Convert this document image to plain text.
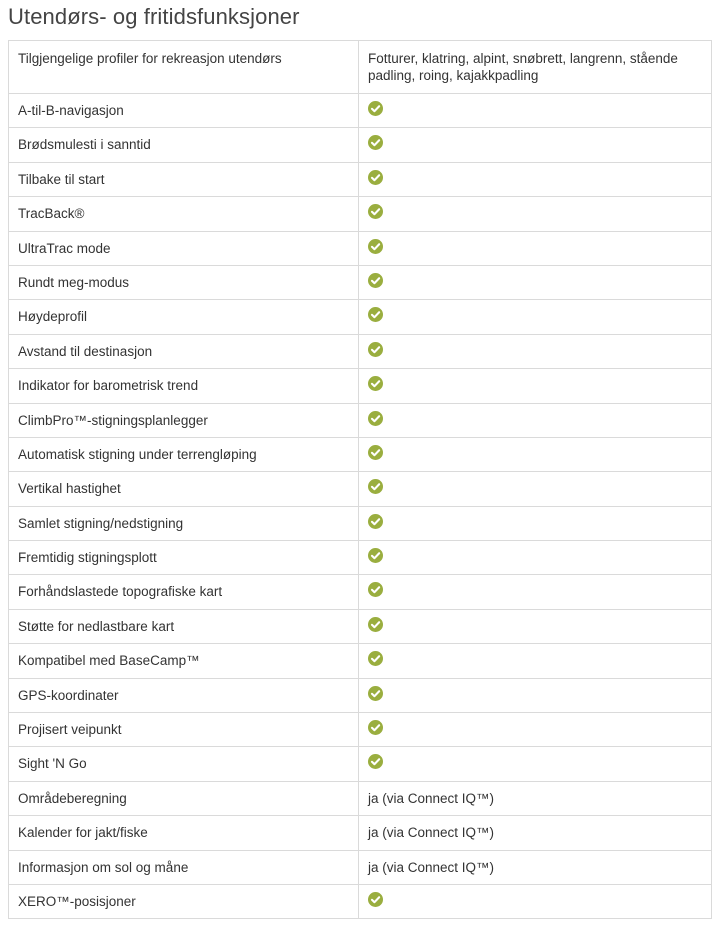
Utendørs- og fritidsfunksjoner
Tilgjengelige profiler for rekreasjon utendørs	Fotturer, klatring, alpint, snøbrett, langrenn, stående padling, roing, kajakkpadling
A-til-B-navigasjon	

Brødsmulesti i sanntid	

Tilbake til start	

TracBack®	

UltraTrac mode	

Rundt meg-modus	

Høydeprofil	

Avstand til destinasjon	

Indikator for barometrisk trend	

ClimbPro™-stigningsplanlegger	

Automatisk stigning under terrengløping	

Vertikal hastighet	

Samlet stigning/nedstigning	

Fremtidig stigningsplott	

Forhåndslastede topografiske kart	

Støtte for nedlastbare kart	

Kompatibel med BaseCamp™	

GPS-koordinater	

Projisert veipunkt	

Sight 'N Go	

Områdeberegning	ja (via Connect IQ™)
Kalender for jakt/fiske	ja (via Connect IQ™)
Informasjon om sol og måne	ja (via Connect IQ™)
XERO™-posisjoner	
